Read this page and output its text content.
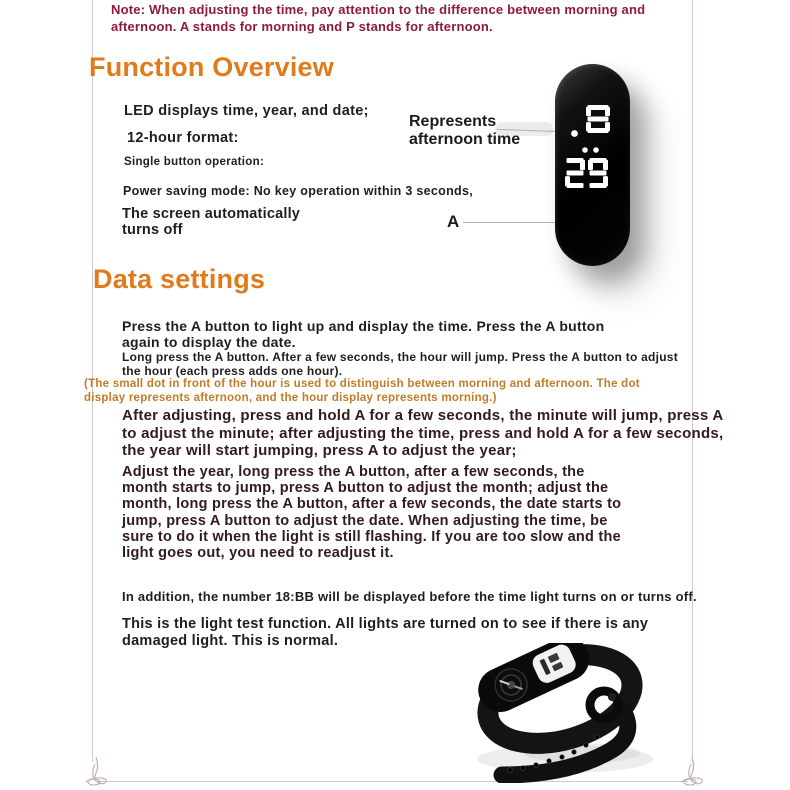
Note: When adjusting the time, pay attention to the difference between morning and afternoon. A stands for morning and P stands for afternoon.
Function Overview
LED displays time, year, and date;
12-hour format:
Single button operation:
Power saving mode: No key operation within 3 seconds,
The screen automatically turns off
Represents afternoon time
A
Data settings
Press the A button to light up and display the time. Press the A button again to display the date.
Long press the A button. After a few seconds, the hour will jump. Press the A button to adjust the hour (each press adds one hour).
(The small dot in front of the hour is used to distinguish between morning and afternoon. The dot display represents afternoon, and the hour display represents morning.)
After adjusting, press and hold A for a few seconds, the minute will jump, press A to adjust the minute; after adjusting the time, press and hold A for a few seconds, the year will start jumping, press A to adjust the year;
Adjust the year, long press the A button, after a few seconds, the month starts to jump, press A button to adjust the month; adjust the month, long press the A button, after a few seconds, the date starts to jump, press A button to adjust the date. When adjusting the time, be sure to do it when the light is still flashing. If you are too slow and the light goes out, you need to readjust it.
In addition, the number 18:BB will be displayed before the time light turns on or turns off.
This is the light test function. All lights are turned on to see if there is any damaged light. This is normal.
